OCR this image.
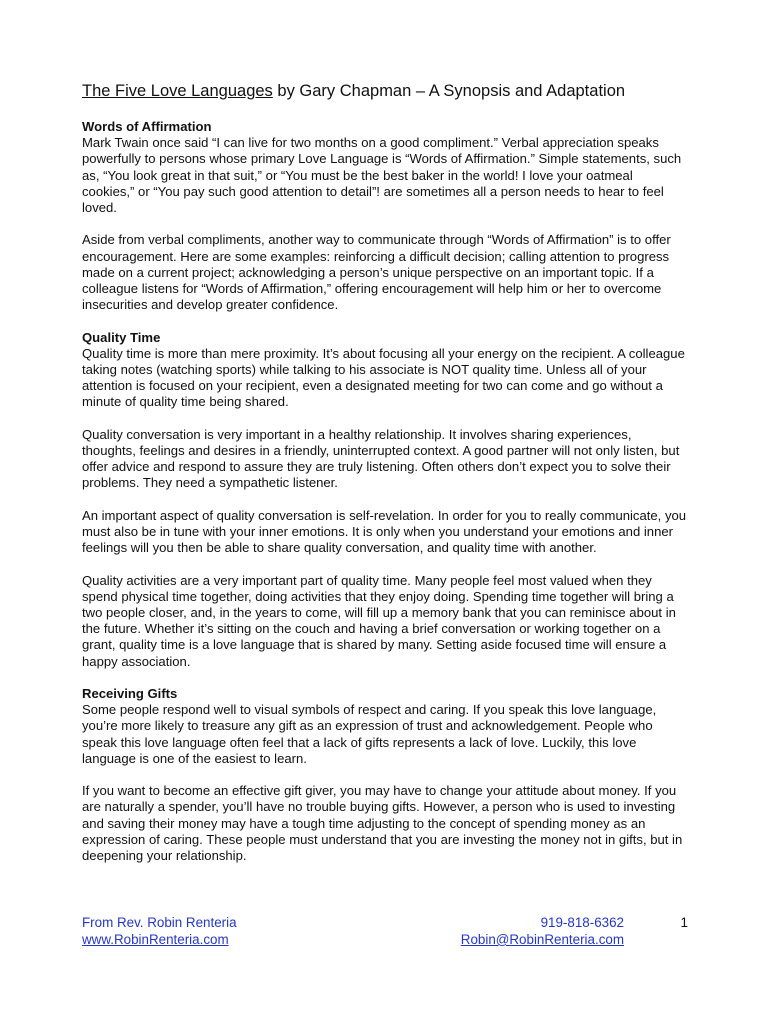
The Five Love Languages by Gary Chapman – A Synopsis and Adaptation

Words of Affirmation

Mark Twain once said “I can live for two months on a good compliment.” Verbal appreciation speaks powerfully to persons whose primary Love Language is “Words of Affirmation.” Simple statements, such as, “You look great in that suit,” or “You must be the best baker in the world! I love your oatmeal cookies,” or “You pay such good attention to detail”! are sometimes all a person needs to hear to feel loved.

Aside from verbal compliments, another way to communicate through “Words of Affirmation” is to offer encouragement. Here are some examples: reinforcing a difficult decision; calling attention to progress made on a current project; acknowledging a person’s unique perspective on an important topic. If a colleague listens for “Words of Affirmation,” offering encouragement will help him or her to overcome insecurities and develop greater confidence.

Quality Time

Quality time is more than mere proximity. It’s about focusing all your energy on the recipient. A colleague taking notes (watching sports) while talking to his associate is NOT quality time. Unless all of your attention is focused on your recipient, even a designated meeting for two can come and go without a minute of quality time being shared.

Quality conversation is very important in a healthy relationship. It involves sharing experiences, thoughts, feelings and desires in a friendly, uninterrupted context. A good partner will not only listen, but offer advice and respond to assure they are truly listening. Often others don’t expect you to solve their problems. They need a sympathetic listener.

An important aspect of quality conversation is self-revelation. In order for you to really communicate, you must also be in tune with your inner emotions. It is only when you understand your emotions and inner feelings will you then be able to share quality conversation, and quality time with another.

Quality activities are a very important part of quality time. Many people feel most valued when they spend physical time together, doing activities that they enjoy doing. Spending time together will bring a two people closer, and, in the years to come, will fill up a memory bank that you can reminisce about in the future. Whether it’s sitting on the couch and having a brief conversation or working together on a grant, quality time is a love language that is shared by many. Setting aside focused time will ensure a happy association.

Receiving Gifts

Some people respond well to visual symbols of respect and caring. If you speak this love language, you’re more likely to treasure any gift as an expression of trust and acknowledgement. People who speak this love language often feel that a lack of gifts represents a lack of love. Luckily, this love language is one of the easiest to learn.

If you want to become an effective gift giver, you may have to change your attitude about money. If you are naturally a spender, you’ll have no trouble buying gifts. However, a person who is used to investing and saving their money may have a tough time adjusting to the concept of spending money as an expression of caring. These people must understand that you are investing the money not in gifts, but in deepening your relationship.

From Rev. Robin Renteria	919-818-6362	1
www.RobinRenteria.com	Robin@RobinRenteria.com
